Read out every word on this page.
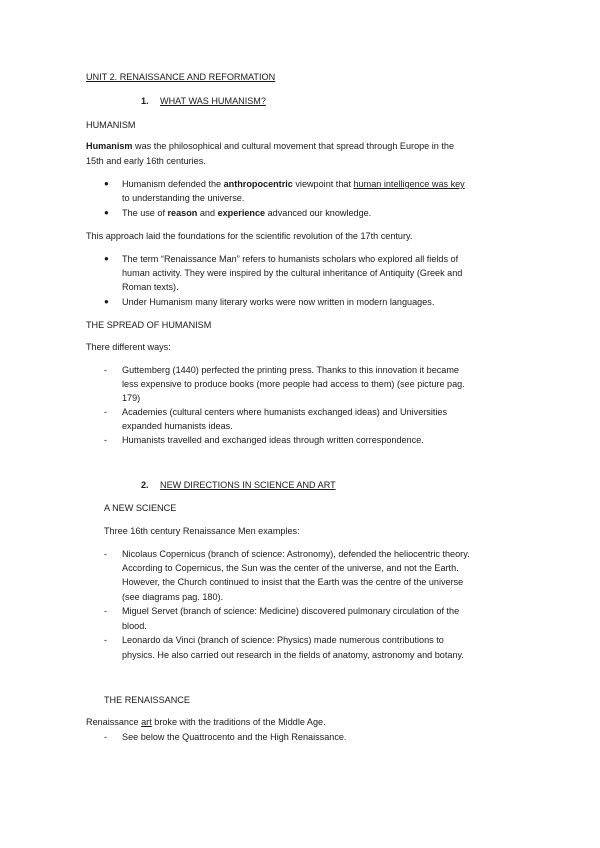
UNIT 2. RENAISSANCE AND REFORMATION
1. WHAT WAS HUMANISM?
HUMANISM
Humanism was the philosophical and cultural movement that spread through Europe in the
15th and early 16th centuries.
● Humanism defended the anthropocentric viewpoint that human intelligence was key
to understanding the universe.
● The use of reason and experience advanced our knowledge.
This approach laid the foundations for the scientific revolution of the 17th century.
● The term “Renaissance Man” refers to humanists scholars who explored all fields of
human activity. They were inspired by the cultural inheritance of Antiquity (Greek and
Roman texts).
● Under Humanism many literary works were now written in modern languages.
THE SPREAD OF HUMANISM
There different ways:
- Guttemberg (1440) perfected the printing press. Thanks to this innovation it became
less expensive to produce books (more people had access to them) (see picture pag.
179)
- Academies (cultural centers where humanists exchanged ideas) and Universities
expanded humanists ideas.
- Humanists travelled and exchanged ideas through written correspondence.
2. NEW DIRECTIONS IN SCIENCE AND ART
A NEW SCIENCE
Three 16th century Renaissance Men examples:
- Nicolaus Copernicus (branch of science: Astronomy), defended the heliocentric theory.
According to Copernicus, the Sun was the center of the universe, and not the Earth.
However, the Church continued to insist that the Earth was the centre of the universe
(see diagrams pag. 180).
- Miguel Servet (branch of science: Medicine) discovered pulmonary circulation of the
blood.
- Leonardo da Vinci (branch of science: Physics) made numerous contributions to
physics. He also carried out research in the fields of anatomy, astronomy and botany.
THE RENAISSANCE
Renaissance art broke with the traditions of the Middle Age.
- See below the Quattrocento and the High Renaissance.
